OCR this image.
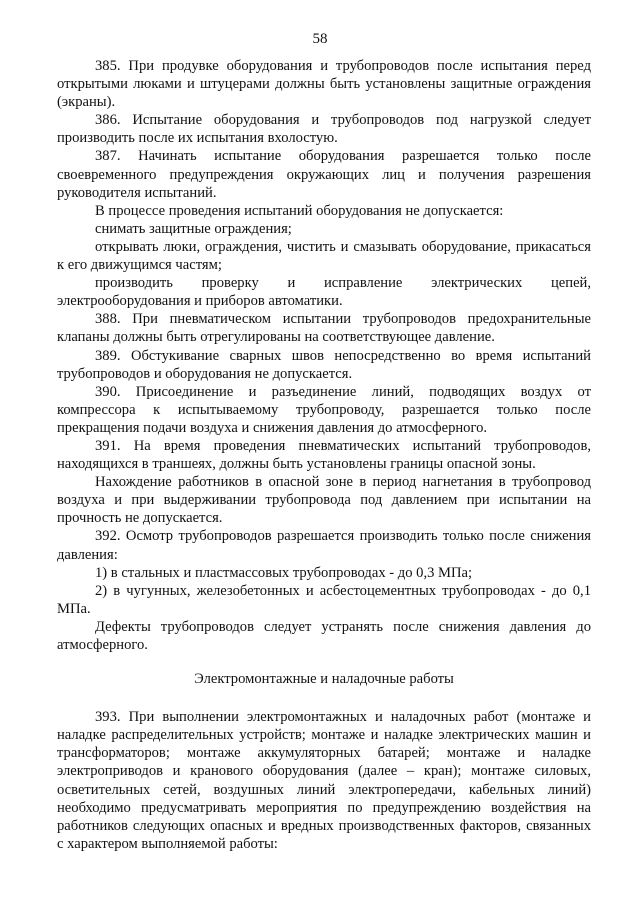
58

385. При продувке оборудования и трубопроводов после испытания перед открытыми люками и штуцерами должны быть установлены защитные ограждения (экраны).

386. Испытание оборудования и трубопроводов под нагрузкой следует производить после их испытания вхолостую.

387. Начинать испытание оборудования разрешается только после своевременного предупреждения окружающих лиц и получения разрешения руководителя испытаний.

В процессе проведения испытаний оборудования не допускается:

снимать защитные ограждения;

открывать люки, ограждения, чистить и смазывать оборудование, прикасаться к его движущимся частям;

производить проверку и исправление электрических цепей, электрооборудования и приборов автоматики.

388. При пневматическом испытании трубопроводов предохранительные клапаны должны быть отрегулированы на соответствующее давление.

389. Обстукивание сварных швов непосредственно во время испытаний трубопроводов и оборудования не допускается.

390. Присоединение и разъединение линий, подводящих воздух от компрессора к испытываемому трубопроводу, разрешается только после прекращения подачи воздуха и снижения давления до атмосферного.

391. На время проведения пневматических испытаний трубопроводов, находящихся в траншеях, должны быть установлены границы опасной зоны.

Нахождение работников в опасной зоне в период нагнетания в трубопровод воздуха и при выдерживании трубопровода под давлением при испытании на прочность не допускается.

392. Осмотр трубопроводов разрешается производить только после снижения давления:

1) в стальных и пластмассовых трубопроводах - до 0,3 МПа;

2) в чугунных, железобетонных и асбестоцементных трубопроводах - до 0,1 МПа.

Дефекты трубопроводов следует устранять после снижения давления до атмосферного.

Электромонтажные и наладочные работы

393. При выполнении электромонтажных и наладочных работ (монтаже и наладке распределительных устройств; монтаже и наладке электрических машин и трансформаторов; монтаже аккумуляторных батарей; монтаже и наладке электроприводов и кранового оборудования (далее – кран); монтаже силовых, осветительных сетей, воздушных линий электропередачи, кабельных линий) необходимо предусматривать мероприятия по предупреждению воздействия на работников следующих опасных и вредных производственных факторов, связанных с характером выполняемой работы:
